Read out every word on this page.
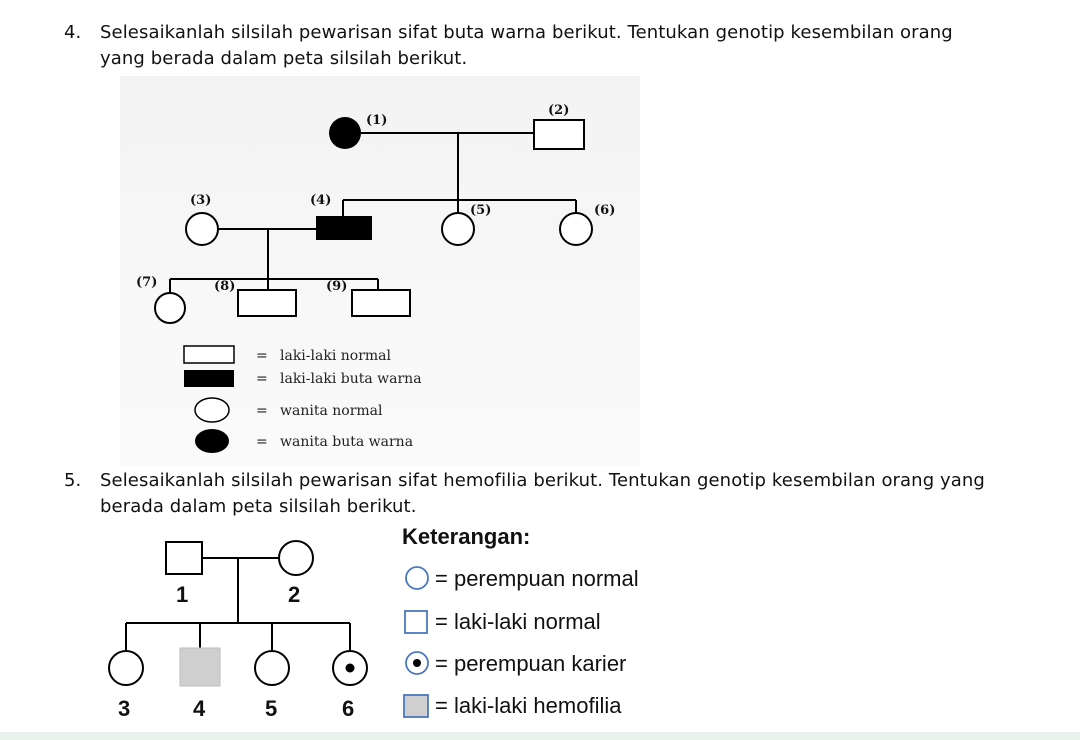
4. Selesaikanlah silsilah pewarisan sifat buta warna berikut. Tentukan genotip kesembilan orang
yang berada dalam peta silsilah berikut.
(1)
(2)
(3)	(4)
(5)	(6)
(7)	(8)	(9)
= laki-laki normal
= laki-laki buta warna
= wanita normal
= wanita buta warna
5. Selesaikanlah silsilah pewarisan sifat hemofilia berikut. Tentukan genotip kesembilan orang yang
berada dalam peta silsilah berikut.
1	2
3	4	5	6
Keterangan:
= perempuan normal
= laki-laki normal
= perempuan karier
= laki-laki hemofilia
